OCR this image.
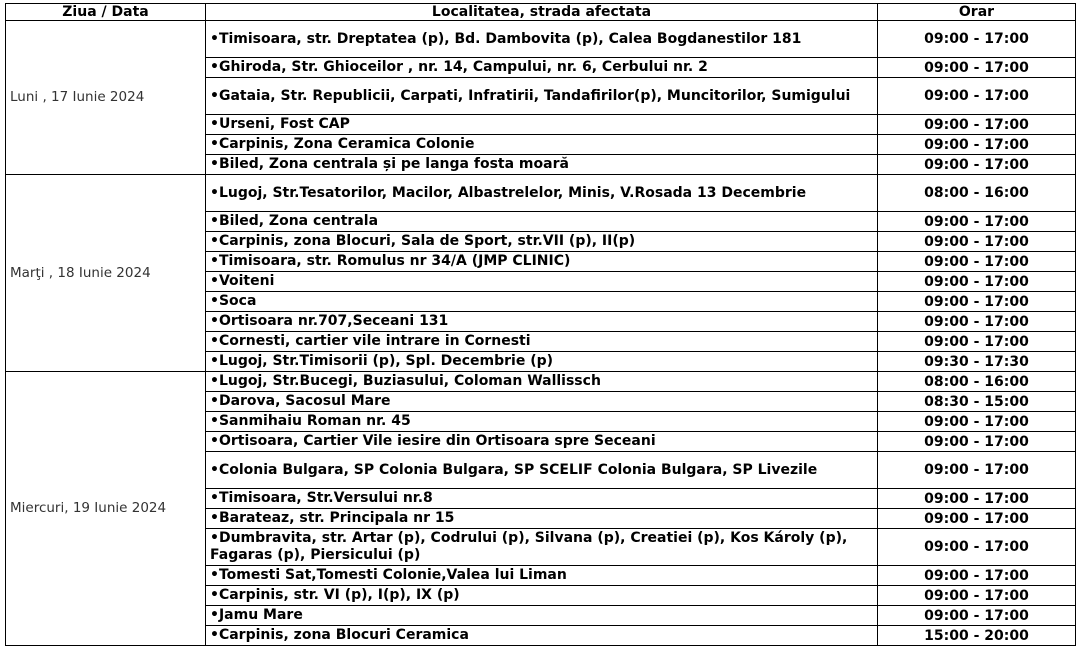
Ziua / Data	Localitatea, strada afectata	Orar
Luni , 17 Iunie 2024	•Timisoara, str. Dreptatea (p), Bd. Dambovita (p), Calea Bogdanestilor 181	09:00 - 17:00
	•Ghiroda, Str. Ghioceilor , nr. 14, Campului, nr. 6, Cerbului nr. 2	09:00 - 17:00
	•Gataia, Str. Republicii, Carpati, Infratirii, Tandafirilor(p), Muncitorilor, Sumigului	09:00 - 17:00
	•Urseni, Fost CAP	09:00 - 17:00
	•Carpinis, Zona Ceramica Colonie	09:00 - 17:00
	•Biled, Zona centrala și pe langa fosta moară	09:00 - 17:00
Marţi , 18 Iunie 2024	•Lugoj, Str.Tesatorilor, Macilor, Albastrelelor, Minis, V.Rosada 13 Decembrie	08:00 - 16:00
	•Biled, Zona centrala	09:00 - 17:00
	•Carpinis, zona Blocuri, Sala de Sport, str.VII (p), II(p)	09:00 - 17:00
	•Timisoara, str. Romulus nr 34/A (JMP CLINIC)	09:00 - 17:00
	•Voiteni	09:00 - 17:00
	•Soca	09:00 - 17:00
	•Ortisoara nr.707,Seceani 131	09:00 - 17:00
	•Cornesti, cartier vile intrare in Cornesti	09:00 - 17:00
	•Lugoj, Str.Timisorii (p), Spl. Decembrie (p)	09:30 - 17:30
Miercuri, 19 Iunie 2024	•Lugoj, Str.Bucegi, Buziasului, Coloman Wallissch	08:00 - 16:00
	•Darova, Sacosul Mare	08:30 - 15:00
	•Sanmihaiu Roman nr. 45	09:00 - 17:00
	•Ortisoara, Cartier Vile iesire din Ortisoara spre Seceani	09:00 - 17:00
	•Colonia Bulgara, SP Colonia Bulgara, SP SCELIF Colonia Bulgara, SP Livezile	09:00 - 17:00
	•Timisoara, Str.Versului nr.8	09:00 - 17:00
	•Barateaz, str. Principala nr 15	09:00 - 17:00
	•Dumbravita, str. Artar (p), Codrului (p), Silvana (p), Creatiei (p), Kos Károly (p), Fagaras (p), Piersicului (p)	09:00 - 17:00
	•Tomesti Sat,Tomesti Colonie,Valea lui Liman	09:00 - 17:00
	•Carpinis, str. VI (p), I(p), IX (p)	09:00 - 17:00
	•Jamu Mare	09:00 - 17:00
	•Carpinis, zona Blocuri Ceramica	15:00 - 20:00
